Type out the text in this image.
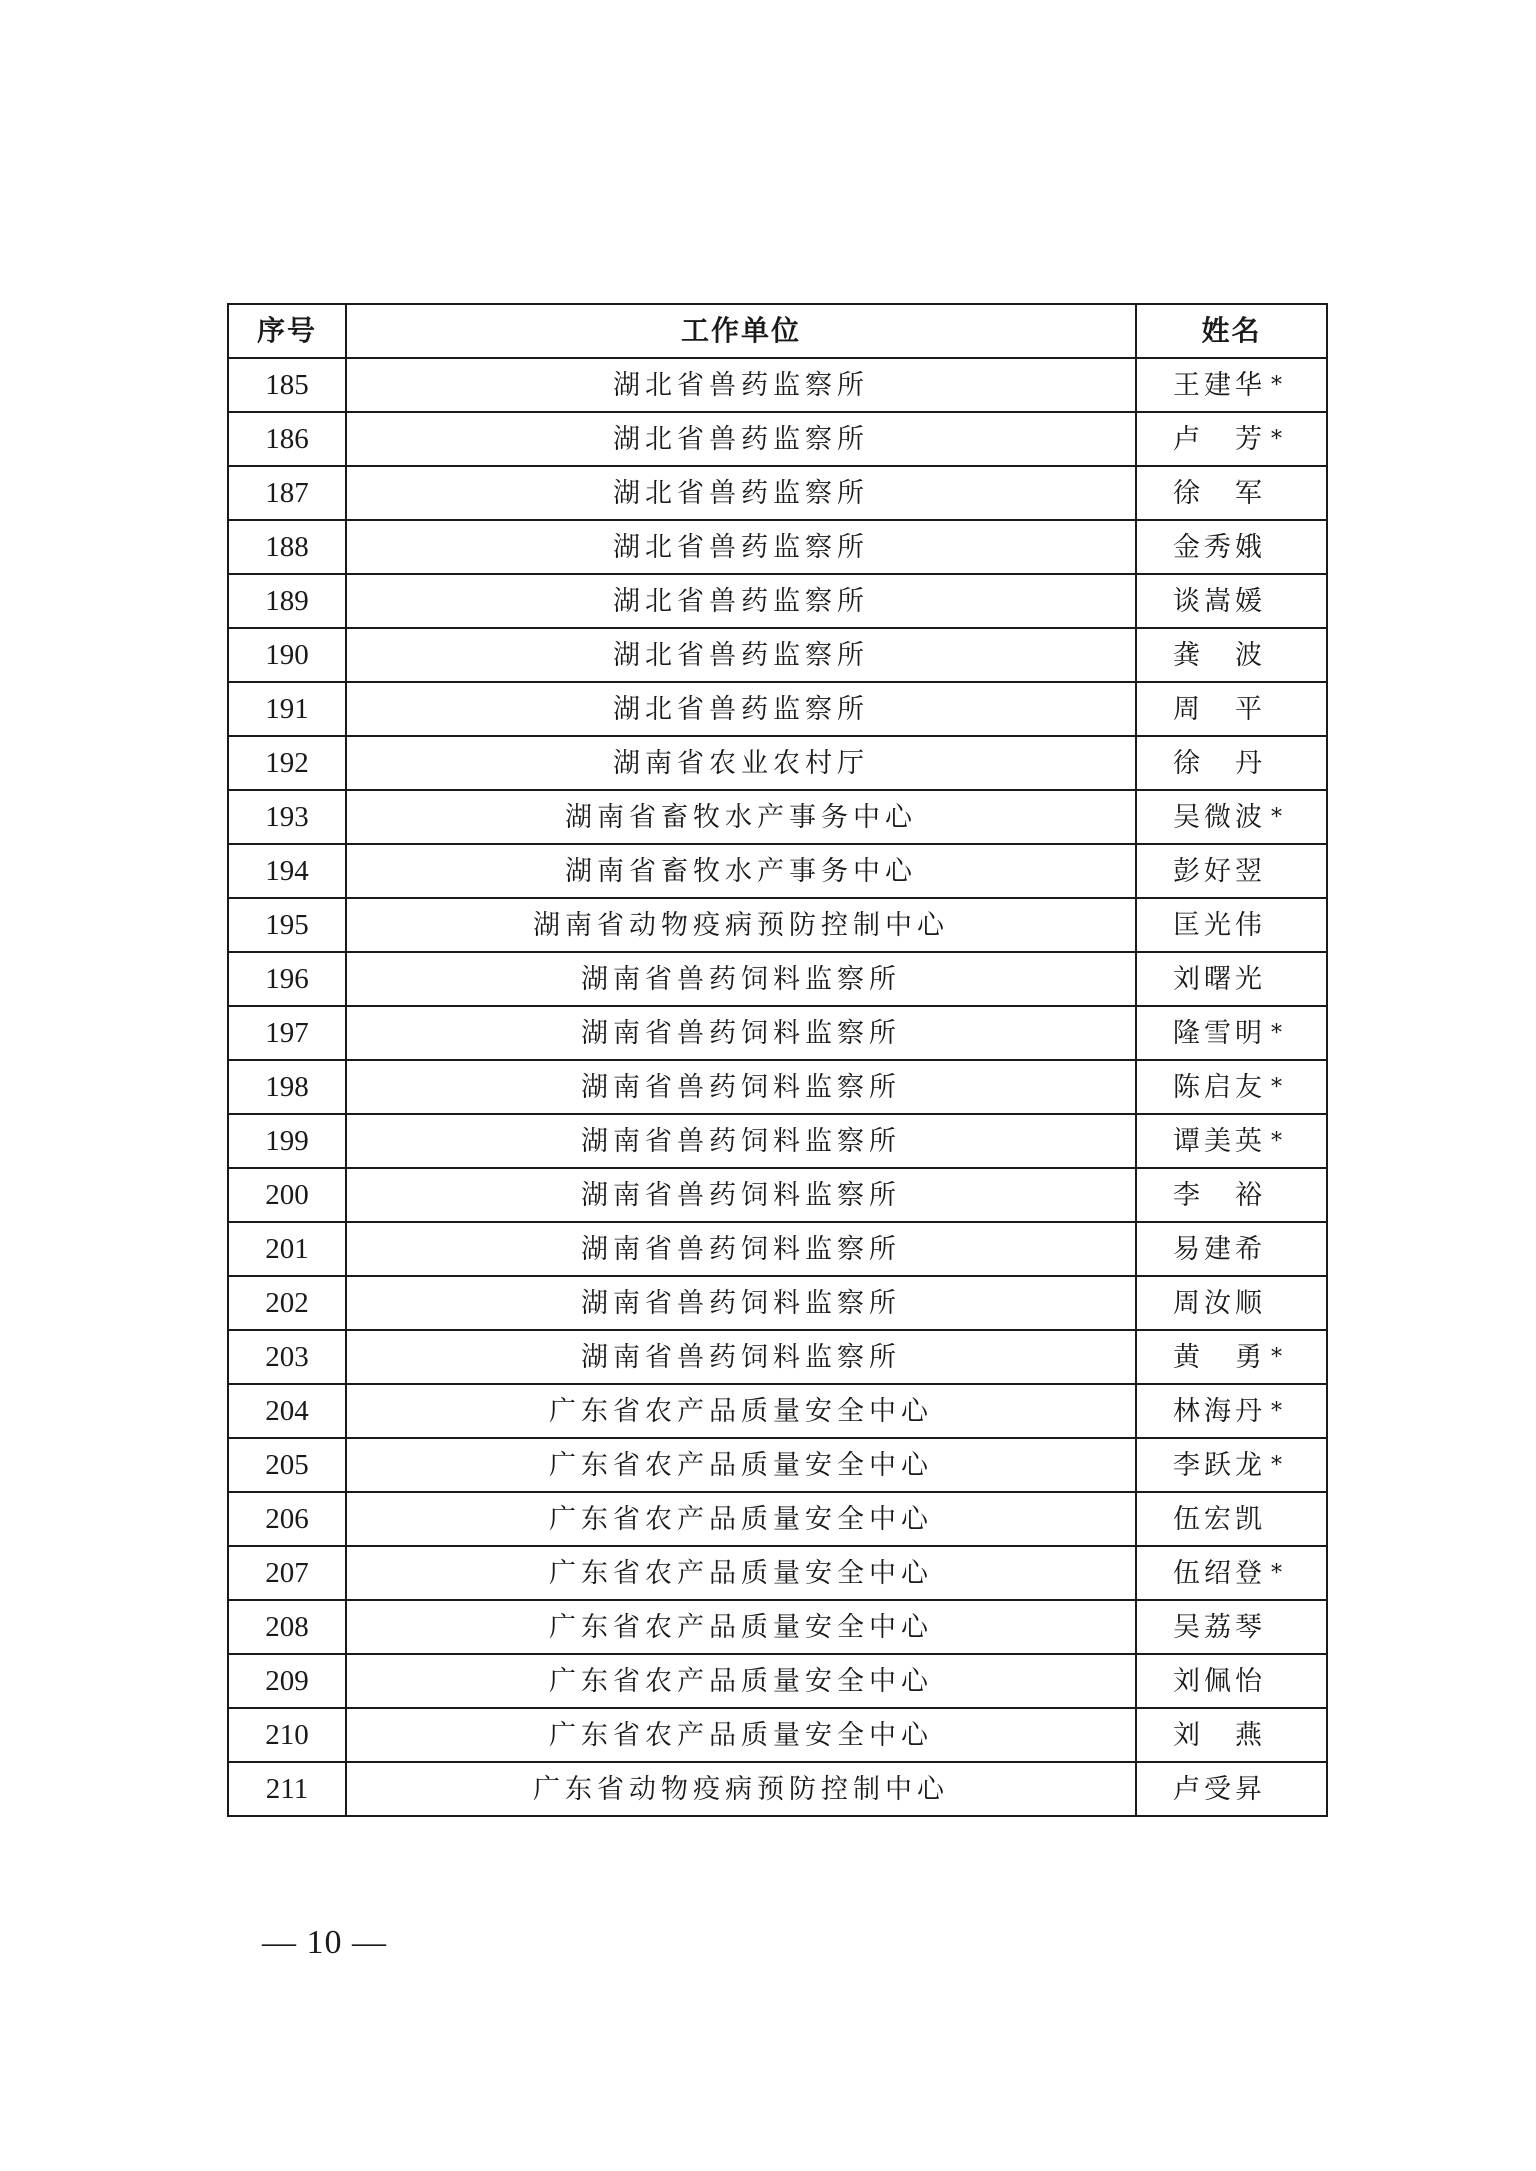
序号	工作单位	姓名
185	湖北省兽药监察所	王建华 *
186	湖北省兽药监察所	卢芳 *
187	湖北省兽药监察所	徐军
188	湖北省兽药监察所	金秀娥
189	湖北省兽药监察所	谈嵩媛
190	湖北省兽药监察所	龚波
191	湖北省兽药监察所	周平
192	湖南省农业农村厅	徐丹
193	湖南省畜牧水产事务中心	吴微波 *
194	湖南省畜牧水产事务中心	彭好翌
195	湖南省动物疫病预防控制中心	匡光伟
196	湖南省兽药饲料监察所	刘曙光
197	湖南省兽药饲料监察所	隆雪明 *
198	湖南省兽药饲料监察所	陈启友 *
199	湖南省兽药饲料监察所	谭美英 *
200	湖南省兽药饲料监察所	李裕
201	湖南省兽药饲料监察所	易建希
202	湖南省兽药饲料监察所	周汝顺
203	湖南省兽药饲料监察所	黄勇 *
204	广东省农产品质量安全中心	林海丹 *
205	广东省农产品质量安全中心	李跃龙 *
206	广东省农产品质量安全中心	伍宏凯
207	广东省农产品质量安全中心	伍绍登 *
208	广东省农产品质量安全中心	吴荔琴
209	广东省农产品质量安全中心	刘佩怡
210	广东省农产品质量安全中心	刘燕
211	广东省动物疫病预防控制中心	卢受昇
— 10 —
